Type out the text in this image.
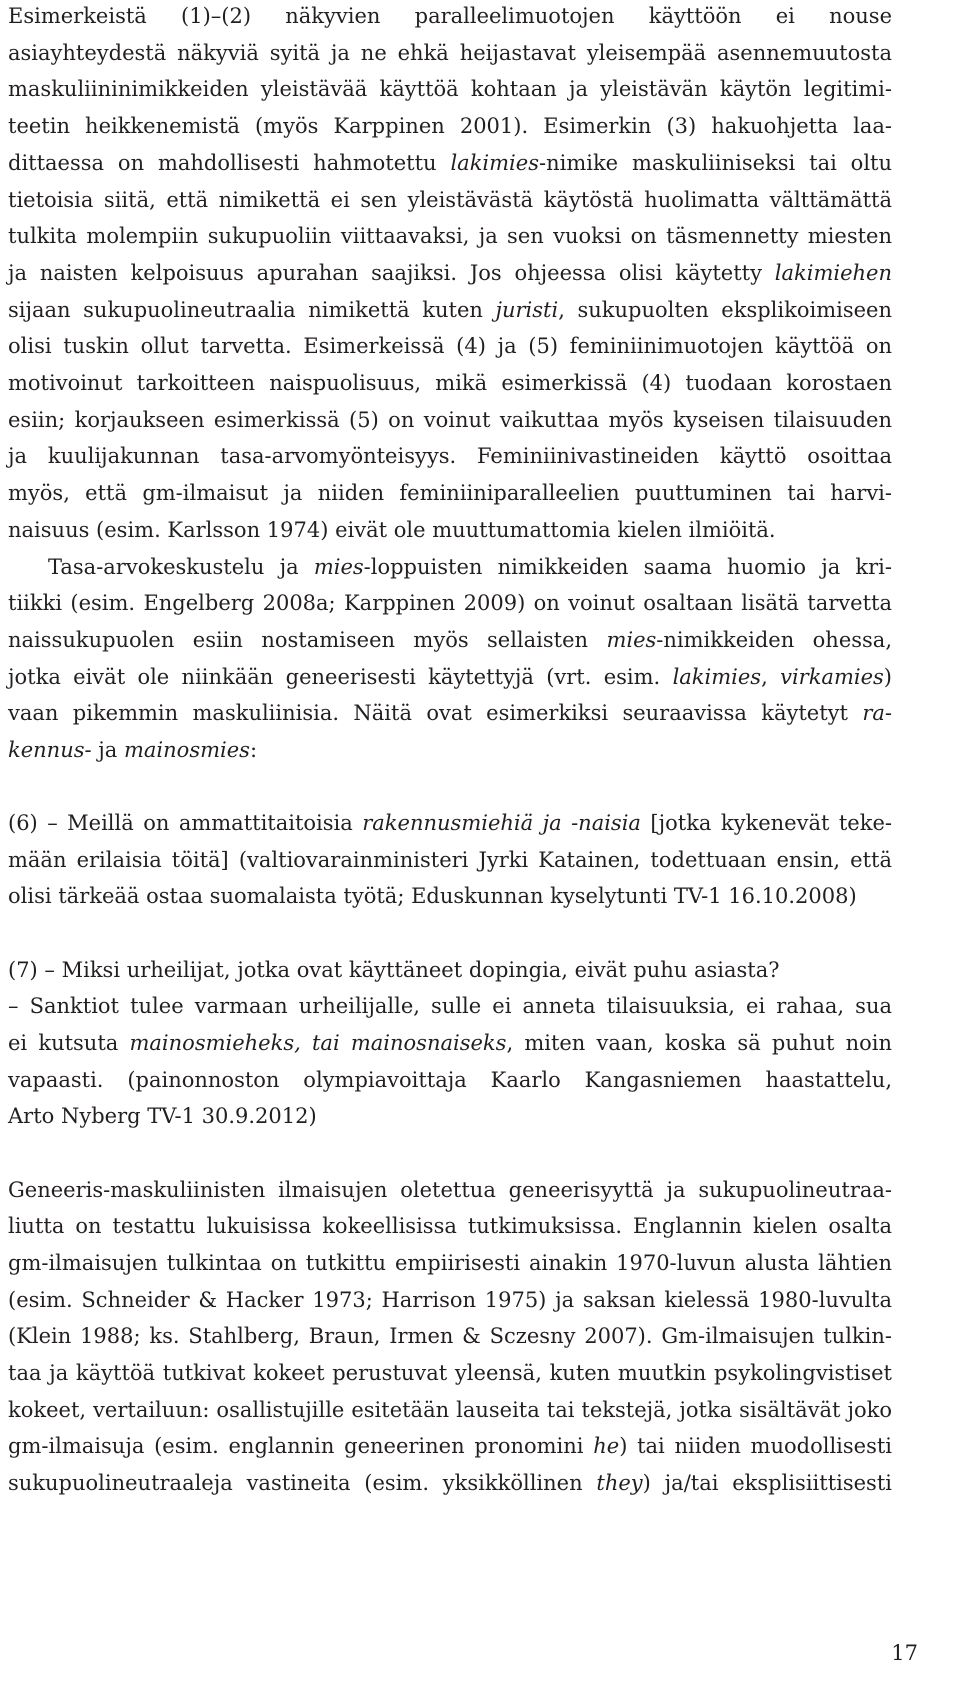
Esimerkeistä (1)–(2) näkyvien paralleelimuotojen käyttöön ei nouse
asiayhteydestä näkyviä syitä ja ne ehkä heijastavat yleisempää asennemuutosta
maskuliininimikkeiden yleistävää käyttöä kohtaan ja yleistävän käytön legitimi-
teetin heikkenemistä (myös Karppinen 2001). Esimerkin (3) hakuohjetta laa-
dittaessa on mahdollisesti hahmotettu lakimies-nimike maskuliiniseksi tai oltu
tietoisia siitä, että nimikettä ei sen yleistävästä käytöstä huolimatta välttämättä
tulkita molempiin sukupuoliin viittaavaksi, ja sen vuoksi on täsmennetty miesten
ja naisten kelpoisuus apurahan saajiksi. Jos ohjeessa olisi käytetty lakimiehen
sijaan sukupuolineutraalia nimikettä kuten juristi, sukupuolten eksplikoimiseen
olisi tuskin ollut tarvetta. Esimerkeissä (4) ja (5) feminiinimuotojen käyttöä on
motivoinut tarkoitteen naispuolisuus, mikä esimerkissä (4) tuodaan korostaen
esiin; korjaukseen esimerkissä (5) on voinut vaikuttaa myös kyseisen tilaisuuden
ja kuulijakunnan tasa-arvomyönteisyys. Feminiinivastineiden käyttö osoittaa
myös, että gm-ilmaisut ja niiden feminiiniparalleelien puuttuminen tai harvi-
naisuus (esim. Karlsson 1974) eivät ole muuttumattomia kielen ilmiöitä.
Tasa-arvokeskustelu ja mies-loppuisten nimikkeiden saama huomio ja kri-
tiikki (esim. Engelberg 2008a; Karppinen 2009) on voinut osaltaan lisätä tarvetta
naissukupuolen esiin nostamiseen myös sellaisten mies-nimikkeiden ohessa,
jotka eivät ole niinkään geneerisesti käytettyjä (vrt. esim. lakimies, virkamies)
vaan pikemmin maskuliinisia. Näitä ovat esimerkiksi seuraavissa käytetyt ra-
kennus- ja mainosmies:
(6) – Meillä on ammattitaitoisia rakennusmiehiä ja -naisia [jotka kykenevät teke-
mään erilaisia töitä] (valtiovarainministeri Jyrki Katainen, todettuaan ensin, että
olisi tärkeää ostaa suomalaista työtä; Eduskunnan kyselytunti TV-1 16.10.2008)
(7) – Miksi urheilijat, jotka ovat käyttäneet dopingia, eivät puhu asiasta?
– Sanktiot tulee varmaan urheilijalle, sulle ei anneta tilaisuuksia, ei rahaa, sua
ei kutsuta mainosmieheks, tai mainosnaiseks, miten vaan, koska sä puhut noin
vapaasti. (painonnoston olympiavoittaja Kaarlo Kangasniemen haastattelu,
Arto Nyberg TV-1 30.9.2012)
Geneeris-maskuliinisten ilmaisujen oletettua geneerisyyttä ja sukupuolineutraa-
liutta on testattu lukuisissa kokeellisissa tutkimuksissa. Englannin kielen osalta
gm-ilmaisujen tulkintaa on tutkittu empiirisesti ainakin 1970-luvun alusta lähtien
(esim. Schneider & Hacker 1973; Harrison 1975) ja saksan kielessä 1980-luvulta
(Klein 1988; ks. Stahlberg, Braun, Irmen & Sczesny 2007). Gm-ilmaisujen tulkin-
taa ja käyttöä tutkivat kokeet perustuvat yleensä, kuten muutkin psykolingvistiset
kokeet, vertailuun: osallistujille esitetään lauseita tai tekstejä, jotka sisältävät joko
gm-ilmaisuja (esim. englannin geneerinen pronomini he) tai niiden muodollisesti
sukupuolineutraaleja vastineita (esim. yksikköllinen they) ja/tai eksplisiittisesti
17
